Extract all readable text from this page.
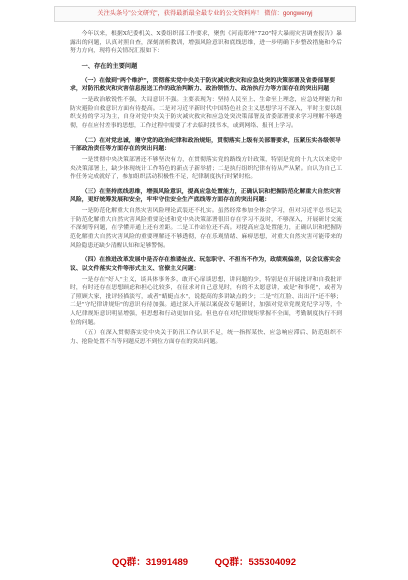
关注头条号"公文研究"，获得最新最全最专业的公文资料库！ 微信：gongwenyj

今年以来，根据X纪委机关、X委组织部工作要求，聚焦《河南郑州"720"特大暴雨灾害调查报告》暴露出的问题，认真对照自查，深刻剖析教训，增强风险意识和底线思维，进一步明确下步整改措施和今后努力方向，现将有关情况汇报如下：

一、存在的主要问题
（一）在做到"两个维护"，贯彻落实党中央关于防灾减灾救灾和应急处突的决策部署及省委部署要求，对防汛救灾和灾害信息报送工作的政治判断力、政治领悟力、政治执行力等方面存在的突出问题

一是政治敏锐性不强，大局意识不强。主要表现为：坚持人民至上、生命至上理念，应急处理能力和防灾避险自救意识方面有待提高。二是对习近平新时代中国特色社会主义思想学习不深入，平时主要以组织支持的学习为主，自身对党中央关于防灾减灾救灾和应急处突决策部署及省委部署要求学习理解不够透彻，存在应付差事的思想，工作过程中需要了才去临时找书本，或到网络、报刊上学习。

（二）在对党忠诚，遵守党的政治纪律和政治规矩，贯彻落实上级有关部署要求，压紧压实各级领导干部政治责任等方面存在的突出问题：

一是贯彻中央决策部署还不够坚决有力，在贯彻落实党的路线方针政策，特别是党的十九大以来党中央决策部署上，缺少体现统计工作特色的新点子新举措；二是执行组织纪律有待从严从紧。自认为自己工作任务完成就好了，参加组织活动积极性不足，纪律制度执行时紧时松。

（三）在坚持底线思维，增强风险意识，提高应急处置能力，正确认识和把握防范化解重大自然灾害风险，更好统筹发展和安全，牢牢守住安全生产底线等方面存在的突出问题：

一是防范化解重大自然灾害风险理论武装还不扎实。虽然经常参加全体会学习，但对习近平总书记关于防范化解重大自然灾害风险重要论述和党中央决策部署很旧存在学习不及时，不够深入，开展研讨交流不深刻等问题，在学懂弄通上还有差距。二是工作站位还不高。对提高应急处置能力，正确认识和把握防范化解重大自然灾害风险的重要理解还不够透彻，存在乐观情绪、麻痹思想，对重大自然灾害可能带来的风险隐患还缺少清醒认知和足够警惕。

（四）在推进改革发展中是否存在推诿扯皮、玩忽职守、不担当不作为，政绩观偏差，以会议落实会议、以文件落实文件等形式主义、官僚主义问题：

一是存在"好人"主义，谈具体事务多，敢开心扉谈思想，讲问题的少，特别是在开展批评和自我批评时，有时还存在思想顾虑和担心比较多，在征求对自己意见时，有的不太愿意讲，或是"和事佬"，或者为了照顾大家，批评轻描淡写，或者"蜻蜓点水"，说提高的多讲缺点的少；二是"红红脸、出出汗"还不够；二是"守纪律讲规矩"的意识有待加强。通过深入开展以案促改专题研讨，加强对党章党规党纪学习等，个人纪律规矩意识明显增强，但思想和行动更加自觉。但也存在对纪律规矩掌握不全面，考勤制度执行不到位的问题。

（五）在深入贯彻落实党中央关于防汛工作认识不足，统一指挥某快、应急响应滞后、防范组织不力、抢险处置不当等问题反思不到位方面存在的突出问题。

QQ群：31991489	QQ群：535304092
